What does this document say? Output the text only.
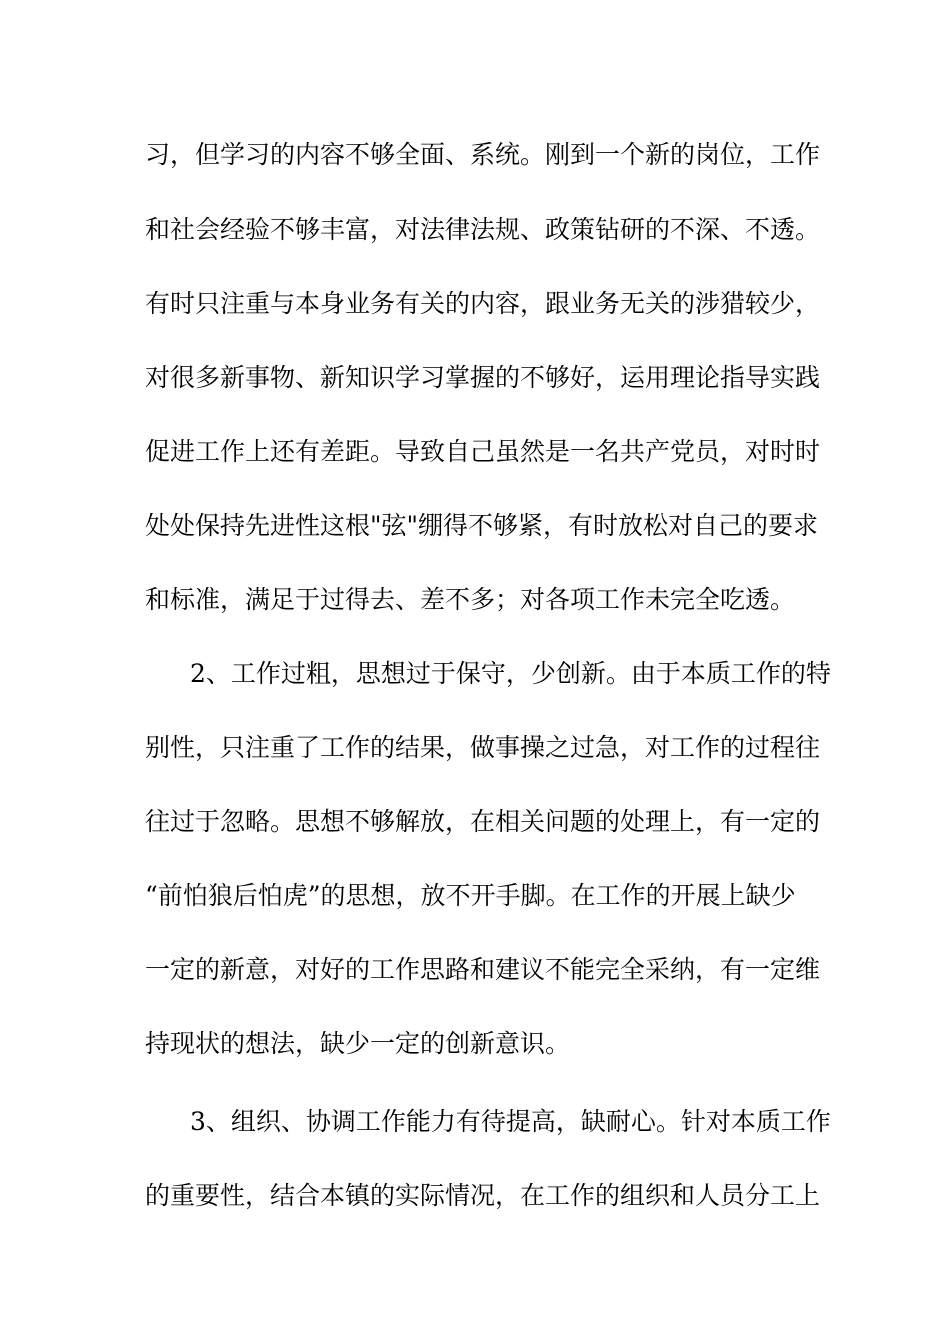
习，但学习的内容不够全面、系统。刚到一个新的岗位，工作
和社会经验不够丰富，对法律法规、政策钻研的不深、不透。
有时只注重与本身业务有关的内容，跟业务无关的涉猎较少，
对很多新事物、新知识学习掌握的不够好，运用理论指导实践
促进工作上还有差距。导致自己虽然是一名共产党员，对时时
处处保持先进性这根"弦"绷得不够紧，有时放松对自己的要求
和标准，满足于过得去、差不多；对各项工作未完全吃透。
2、工作过粗，思想过于保守，少创新。由于本质工作的特
别性，只注重了工作的结果，做事操之过急，对工作的过程往
往过于忽略。思想不够解放，在相关问题的处理上，有一定的
“前怕狼后怕虎”的思想，放不开手脚。在工作的开展上缺少
一定的新意，对好的工作思路和建议不能完全采纳，有一定维
持现状的想法，缺少一定的创新意识。
3、组织、协调工作能力有待提高，缺耐心。针对本质工作
的重要性，结合本镇的实际情况，在工作的组织和人员分工上
